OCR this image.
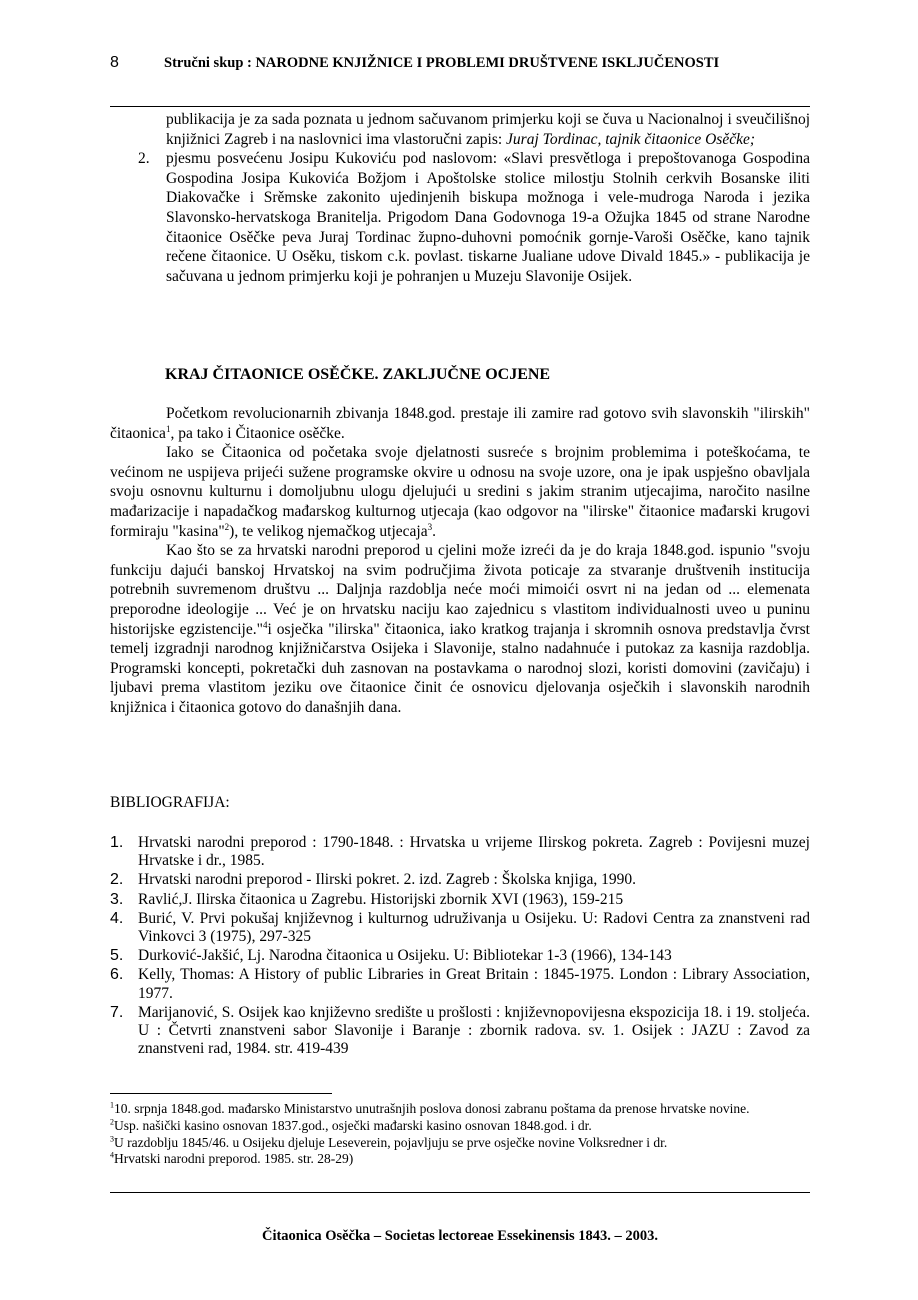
8	Stručni skup : NARODNE KNJIŽNICE I PROBLEMI DRUŠTVENE ISKLJUČENOSTI
publikacija je za sada poznata u jednom sačuvanom primjerku koji se čuva u Nacionalnoj i sveučilišnoj knjižnici Zagreb i na naslovnici ima vlastoručni zapis: Juraj Tordinac, tajnik čitaonice Osěčke;
2.	pjesmu posvećenu Josipu Kukoviću pod naslovom: «Slavi presvětloga i prepoštovanoga Gospodina Gospodina Josipa Kukovića Božjom i Apoštolske stolice milostju Stolnih cerkvih Bosanske iliti Diakovačke i Srěmske zakonito ujedinjenih biskupa možnoga i vele-mudroga Naroda i jezika Slavonsko-hervatskoga Branitelja. Prigodom Dana Godovnoga 19-a Ožujka 1845 od strane Narodne čitaonice Osěčke peva Juraj Tordinac župno-duhovni pomoćnik gornje-Varoši Osěčke, kano tajnik rečene čitaonice. U Osěku, tiskom c.k. povlast. tiskarne Jualiane udove Divald 1845.» - publikacija je sačuvana u jednom primjerku koji je pohranjen u Muzeju Slavonije Osijek.
KRAJ ČITAONICE OSĚČKE. ZAKLJUČNE OCJENE

Početkom revolucionarnih zbivanja 1848.god. prestaje ili zamire rad gotovo svih slavonskih "ilirskih" čitaonica$^1$, pa tako i Čitaonice osěčke.

Iako se Čitaonica od početaka svoje djelatnosti susreće s brojnim problemima i poteškoćama, te većinom ne uspijeva prijeći sužene programske okvire u odnosu na svoje uzore, ona je ipak uspješno obavljala svoju osnovnu kulturnu i domoljubnu ulogu djelujući u sredini s jakim stranim utjecajima, naročito nasilne mađarizacije i napadačkog mađarskog kulturnog utjecaja (kao odgovor na "ilirske" čitaonice mađarski krugovi formiraju "kasina"$^2$), te velikog njemačkog utjecaja$^3$.

Kao što se za hrvatski narodni preporod u cjelini može izreći da je do kraja 1848.god. ispunio "svoju funkciju dajući banskoj Hrvatskoj na svim područjima života poticaje za stvaranje društvenih institucija potrebnih suvremenom društvu ... Daljnja razdoblja neće moći mimoići osvrt ni na jedan od ... elemenata preporodne ideologije ... Već je on hrvatsku naciju kao zajednicu s vlastitom individualnosti uveo u puninu historijske egzistencije."$^4$i osječka "ilirska" čitaonica, iako kratkog trajanja i skromnih osnova predstavlja čvrst temelj izgradnji narodnog knjižničarstva Osijeka i Slavonije, stalno nadahnuće i putokaz za kasnija razdoblja. Programski koncepti, pokretački duh zasnovan na postavkama o narodnoj slozi, koristi domovini (zavičaju) i ljubavi prema vlastitom jeziku ove čitaonice činit će osnovicu djelovanja osječkih i slavonskih narodnih knjižnica i čitaonica gotovo do današnjih dana.

BIBLIOGRAFIJA:
1. Hrvatski narodni preporod : 1790-1848. : Hrvatska u vrijeme Ilirskog pokreta. Zagreb : Povijesni muzej Hrvatske i dr., 1985.
2. Hrvatski narodni preporod - Ilirski pokret. 2. izd. Zagreb : Školska knjiga, 1990.
3. Ravlić,J. Ilirska čitaonica u Zagrebu. Historijski zbornik XVI (1963), 159-215
4. Burić, V. Prvi pokušaj književnog i kulturnog udruživanja u Osijeku. U: Radovi Centra za znanstveni rad Vinkovci 3 (1975), 297-325
5. Durković-Jakšić, Lj. Narodna čitaonica u Osijeku. U: Bibliotekar 1-3 (1966), 134-143
6. Kelly, Thomas: A History of public Libraries in Great Britain : 1845-1975. London : Library Association, 1977.
7. Marijanović, S. Osijek kao književno središte u prošlosti : književnopovijesna ekspozicija 18. i 19. stoljeća. U : Četvrti znanstveni sabor Slavonije i Baranje : zbornik radova. sv. 1. Osijek : JAZU : Zavod za znanstveni rad, 1984. str. 419-439
$^1$10. srpnja 1848.god. mađarsko Ministarstvo unutrašnjih poslova donosi zabranu poštama da prenose hrvatske novine.
$^2$Usp. našički kasino osnovan 1837.god., osječki mađarski kasino osnovan 1848.god. i dr.
$^3$U razdoblju 1845/46. u Osijeku djeluje Leseverein, pojavljuju se prve osječke novine Volksredner i dr.
$^4$Hrvatski narodni preporod. 1985. str. 28-29)
Čitaonica Osěčka – Societas lectoreae Essekinensis 1843. – 2003.
